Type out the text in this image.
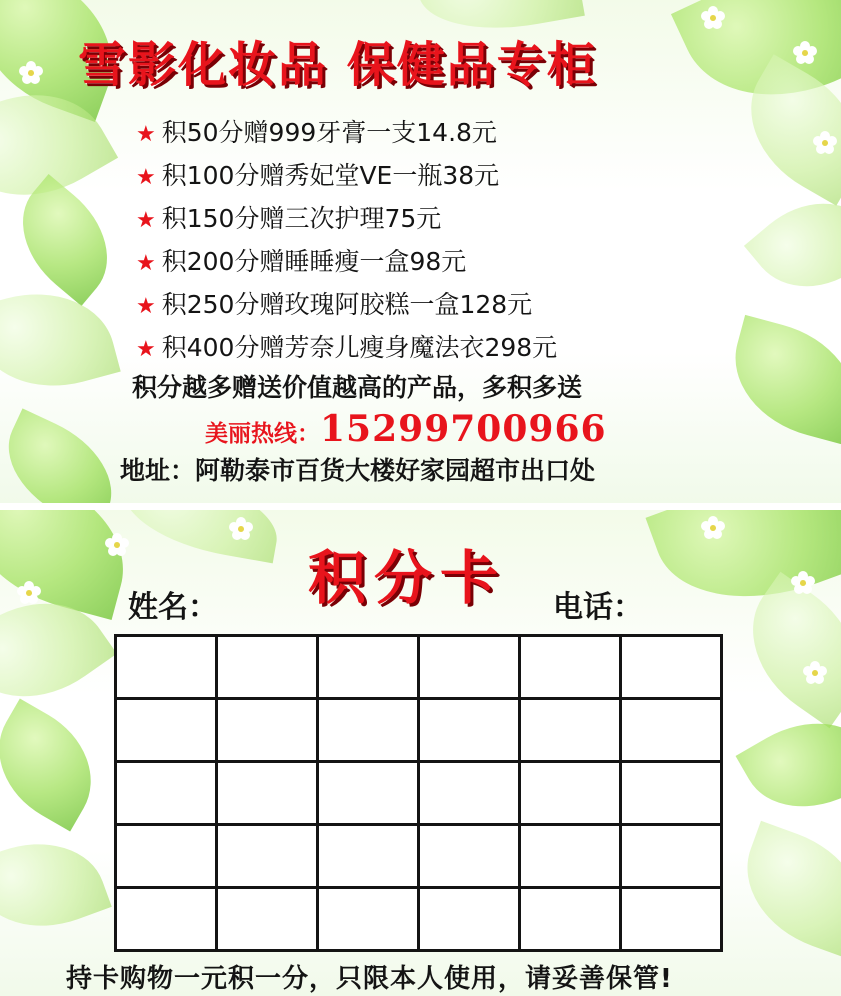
雪影化妆品 保健品专柜
★ 积50分赠999牙膏一支14.8元
★ 积100分赠秀妃堂VE一瓶38元
★ 积150分赠三次护理75元
★ 积200分赠睡睡瘦一盒98元
★ 积250分赠玫瑰阿胶糕一盒128元
★ 积400分赠芳奈儿瘦身魔法衣298元
积分越多赠送价值越高的产品，多积多送
美丽热线：15299700966
地址：阿勒泰市百货大楼好家园超市出口处
积分卡
姓名：	电话：

持卡购物一元积一分，只限本人使用，请妥善保管!
